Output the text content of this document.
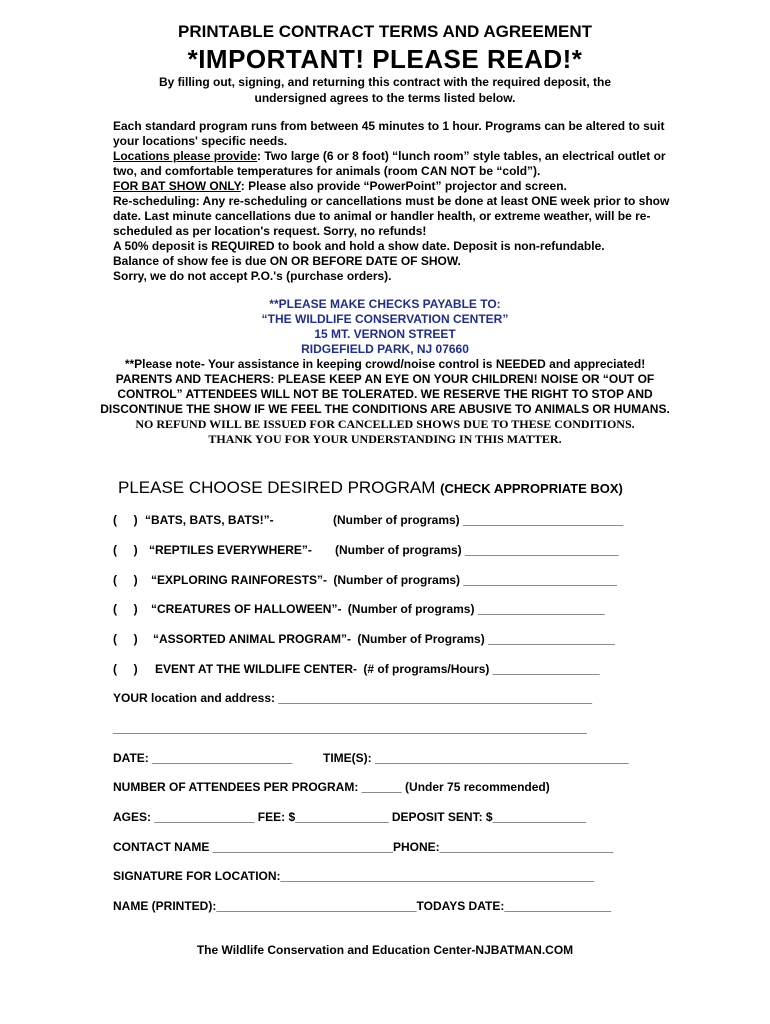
PRINTABLE CONTRACT TERMS AND AGREEMENT
*IMPORTANT! PLEASE READ!*
By filling out, signing, and returning this contract with the required deposit, the undersigned agrees to the terms listed below.

Each standard program runs from between 45 minutes to 1 hour. Programs can be altered to suit your locations' specific needs.

Locations please provide: Two large (6 or 8 foot) “lunch room” style tables, an electrical outlet or two, and comfortable temperatures for animals (room CAN NOT be “cold”).

FOR BAT SHOW ONLY: Please also provide “PowerPoint” projector and screen.

Re-scheduling: Any re-scheduling or cancellations must be done at least ONE week prior to show date. Last minute cancellations due to animal or handler health, or extreme weather, will be re-scheduled as per location's request. Sorry, no refunds!

A 50% deposit is REQUIRED to book and hold a show date. Deposit is non-refundable.

Balance of show fee is due ON OR BEFORE DATE OF SHOW.

Sorry, we do not accept P.O.'s (purchase orders).

**PLEASE MAKE CHECKS PAYABLE TO:

“THE WILDLIFE CONSERVATION CENTER”

15 MT. VERNON STREET

RIDGEFIELD PARK, NJ 07660

**Please note- Your assistance in keeping crowd/noise control is NEEDED and appreciated! PARENTS AND TEACHERS: PLEASE KEEP AN EYE ON YOUR CHILDREN! NOISE OR “OUT OF CONTROL” ATTENDEES WILL NOT BE TOLERATED. WE RESERVE THE RIGHT TO STOP AND DISCONTINUE THE SHOW IF WE FEEL THE CONDITIONS ARE ABUSIVE TO ANIMALS OR HUMANS.

NO REFUND WILL BE ISSUED FOR CANCELLED SHOWS DUE TO THESE CONDITIONS.

THANK YOU FOR YOUR UNDERSTANDING IN THIS MATTER.

PLEASE CHOOSE DESIRED PROGRAM (CHECK APPROPRIATE BOX)
(     ) “BATS, BATS, BATS!”-	(Number of programs) ________________________
(     ) “REPTILES EVERYWHERE”- (Number of programs) _______________________
(     ) “EXPLORING RAINFORESTS”- (Number of programs) _______________________
(     ) “CREATURES OF HALLOWEEN”- (Number of programs) ___________________
(     ) “ASSORTED ANIMAL PROGRAM”- (Number of Programs) ___________________
(     ) EVENT AT THE WILDLIFE CENTER- (# of programs/Hours) ________________
YOUR location and address: _______________________________________________
_______________________________________________________________________
DATE: _____________________	TIME(S): ______________________________________
NUMBER OF ATTENDEES PER PROGRAM: ______ (Under 75 recommended)
AGES: _______________ FEE: $______________ DEPOSIT SENT: $______________
CONTACT NAME ___________________________PHONE:__________________________
SIGNATURE FOR LOCATION:_______________________________________________
NAME (PRINTED):______________________________TODAYS DATE:________________
The Wildlife Conservation and Education Center-NJBATMAN.COM
